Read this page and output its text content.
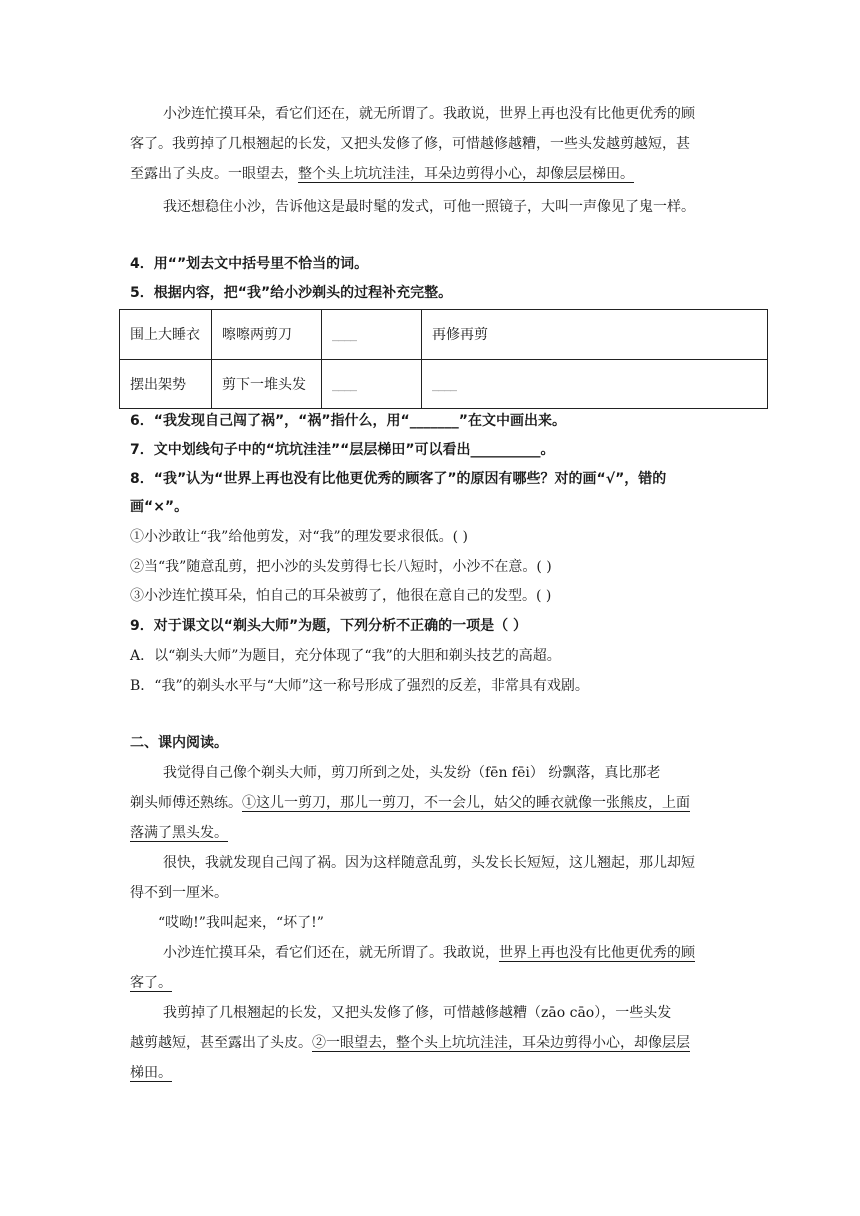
小沙连忙摸耳朵，看它们还在，就无所谓了。我敢说，世界上再也没有比他更优秀的顾
客了。我剪掉了几根翘起的长发，又把头发修了修，可惜越修越糟，一些头发越剪越短，甚
至露出了头皮。一眼望去，整个头上坑坑洼洼，耳朵边剪得小心，却像层层梯田。
我还想稳住小沙，告诉他这是最时髦的发式，可他一照镜子，大叫一声像见了鬼一样。
4．用“”划去文中括号里不恰当的词。
5．根据内容，把“我”给小沙剃头的过程补充完整。
围上大睡衣	嚓嚓两剪刀	____	再修再剪
摆出架势	剪下一堆头发	____	____
6．“我发现自己闯了祸”，“祸”指什么，用“_______”在文中画出来。
7．文中划线句子中的“坑坑洼洼”“层层梯田”可以看出__________。
8．“我”认为“世界上再也没有比他更优秀的顾客了”的原因有哪些？对的画“√”，错的
画“×”。
①小沙敢让“我”给他剪发，对“我”的理发要求很低。( )
②当“我”随意乱剪，把小沙的头发剪得七长八短时，小沙不在意。( )
③小沙连忙摸耳朵，怕自己的耳朵被剪了，他很在意自己的发型。( )
9．对于课文以“剃头大师”为题，下列分析不正确的一项是（ ）
A．以“剃头大师”为题目，充分体现了“我”的大胆和剃头技艺的高超。
B．“我”的剃头水平与“大师”这一称号形成了强烈的反差，非常具有戏剧。
二、课内阅读。
我觉得自己像个剃头大师，剪刀所到之处，头发纷（fēn fēi） 纷飘落，真比那老
剃头师傅还熟练。①这儿一剪刀，那儿一剪刀，不一会儿，姑父的睡衣就像一张熊皮，上面
落满了黑头发。
很快，我就发现自己闯了祸。因为这样随意乱剪，头发长长短短，这儿翘起，那儿却短
得不到一厘米。
“哎呦!”我叫起来，“坏了!”
小沙连忙摸耳朵，看它们还在，就无所谓了。我敢说，世界上再也没有比他更优秀的顾
客了。
我剪掉了几根翘起的长发，又把头发修了修，可惜越修越糟（zāo cāo），一些头发
越剪越短，甚至露出了头皮。②一眼望去，整个头上坑坑洼洼，耳朵边剪得小心，却像层层
梯田。
